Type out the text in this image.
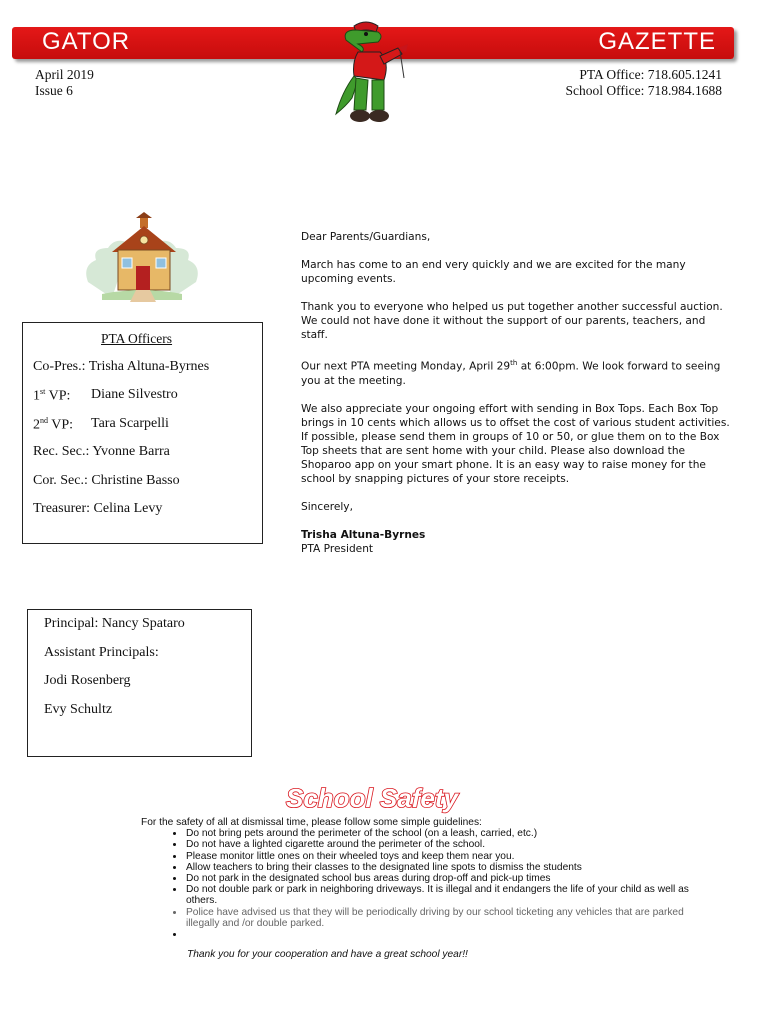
GATOR	GAZETTE
April 2019
Issue 6
PTA Office: 718.605.1241
School Office: 718.984.1688

PTA Officers

Co-Pres.: Trisha Altuna-Byrnes

1st VP: Diane Silvestro

2nd VP: Tara Scarpelli

Rec. Sec.: Yvonne Barra

Cor. Sec.: Christine Basso

Treasurer: Celina Levy

Principal: Nancy Spataro

Assistant Principals:

Jodi Rosenberg

Evy Schultz

Dear Parents/Guardians,

March has come to an end very quickly and we are excited for the many upcoming events.

Thank you to everyone who helped us put together another successful auction. We could not have done it without the support of our parents, teachers, and staff.

Our next PTA meeting Monday, April 29th at 6:00pm. We look forward to seeing you at the meeting.

We also appreciate your ongoing effort with sending in Box Tops. Each Box Top brings in 10 cents which allows us to offset the cost of various student activities. If possible, please send them in groups of 10 or 50, or glue them on to the Box Top sheets that are sent home with your child. Please also download the Shoparoo app on your smart phone. It is an easy way to raise money for the school by snapping pictures of your store receipts.

Sincerely,

Trisha Altuna-Byrnes
PTA President
School Safety
For the safety of all at dismissal time, please follow some simple guidelines:
• Do not bring pets around the perimeter of the school (on a leash, carried, etc.)
• Do not have a lighted cigarette around the perimeter of the school.
• Please monitor little ones on their wheeled toys and keep them near you.
• Allow teachers to bring their classes to the designated line spots to dismiss the students
• Do not park in the designated school bus areas during drop-off and pick-up times
• Do not double park or park in neighboring driveways. It is illegal and it endangers the life of your child as well as others.
• Police have advised us that they will be periodically driving by our school ticketing any vehicles that are parked illegally and /or double parked.
•
Thank you for your cooperation and have a great school year!!
